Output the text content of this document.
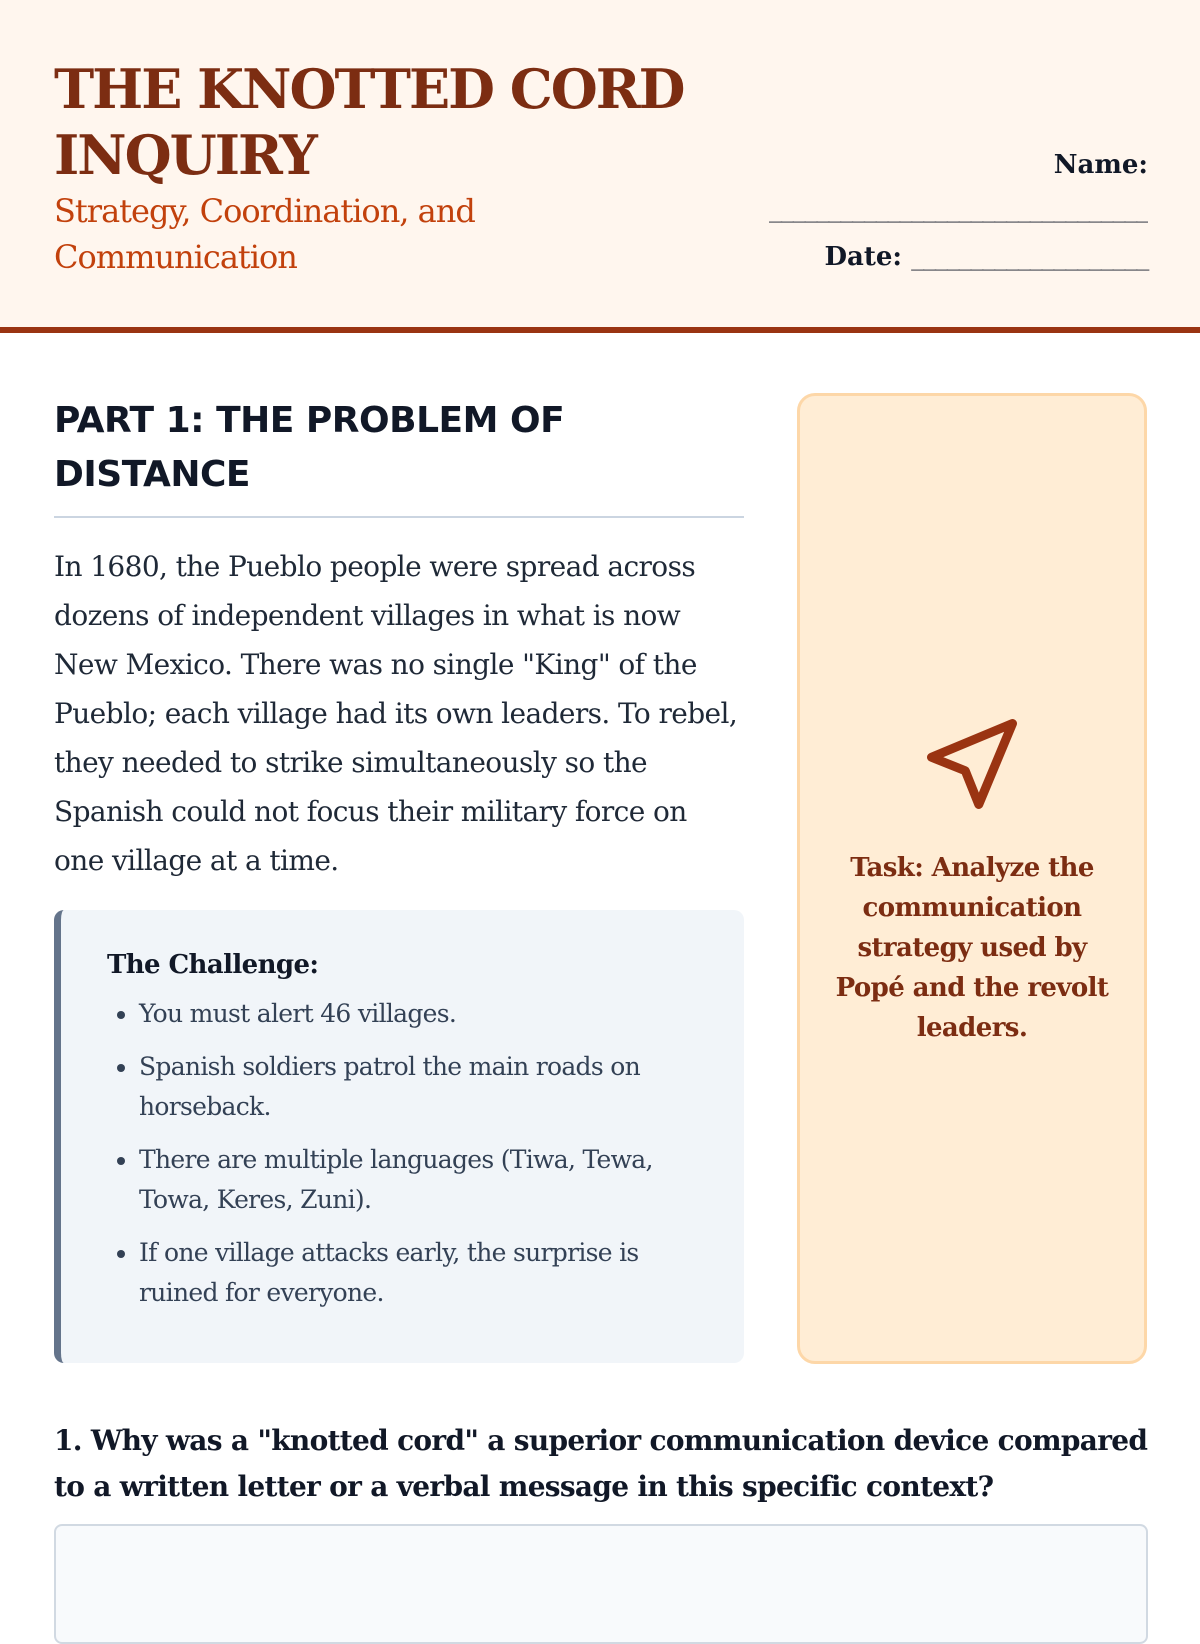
THE KNOTTED CORD INQUIRY
Strategy, Coordination, and Communication
Name:
________________________________
Date: ____________________
PART 1: THE PROBLEM OF DISTANCE

In 1680, the Pueblo people were spread across dozens of independent villages in what is now New Mexico. There was no single "King" of the Pueblo; each village had its own leaders. To rebel, they needed to strike simultaneously so the Spanish could not focus their military force on one village at a time.

The Challenge:
• You must alert 46 villages.
• Spanish soldiers patrol the main roads on horseback.
• There are multiple languages (Tiwa, Tewa, Towa, Keres, Zuni).
• If one village attacks early, the surprise is ruined for everyone.
Task: Analyze the communication strategy used by Popé and the revolt leaders.

1. Why was a "knotted cord" a superior communication device compared to a written letter or a verbal message in this specific context?
